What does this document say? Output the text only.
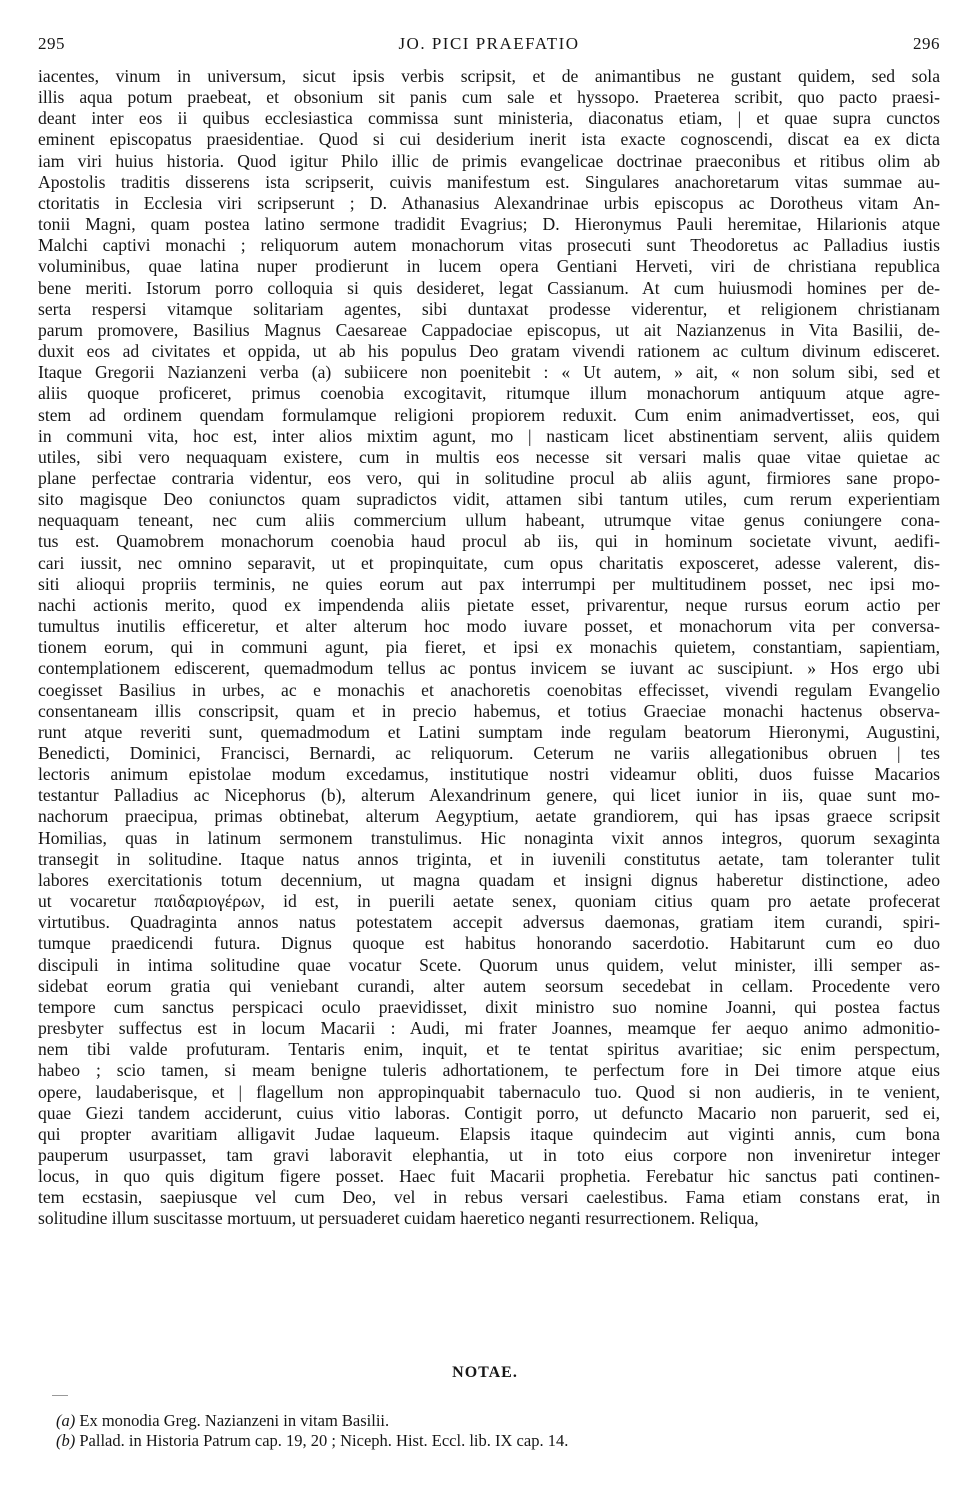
295	JO. PICI PRAEFATIO	296
iacentes, vinum in universum, sicut ipsis verbis scripsit, et de animantibus ne gustant quidem, sed sola
illis aqua potum praebeat, et obsonium sit panis cum sale et hyssopo. Praeterea scribit, quo pacto praesi-
deant inter eos ii quibus ecclesiastica commissa sunt ministeria, diaconatus etiam, | et quae supra cunctos
eminent episcopatus praesidentiae. Quod si cui desiderium inerit ista exacte cognoscendi, discat ea ex dicta
iam viri huius historia. Quod igitur Philo illic de primis evangelicae doctrinae praeconibus et ritibus olim ab
Apostolis traditis disserens ista scripserit, cuivis manifestum est. Singulares anachoretarum vitas summae au-
ctoritatis in Ecclesia viri scripserunt ; D. Athanasius Alexandrinae urbis episcopus ac Dorotheus vitam An-
tonii Magni, quam postea latino sermone tradidit Evagrius; D. Hieronymus Pauli heremitae, Hilarionis atque
Malchi captivi monachi ; reliquorum autem monachorum vitas prosecuti sunt Theodoretus ac Palladius iustis
voluminibus, quae latina nuper prodierunt in lucem opera Gentiani Herveti, viri de christiana republica
bene meriti. Istorum porro colloquia si quis desideret, legat Cassianum. At cum huiusmodi homines per de-
serta respersi vitamque solitariam agentes, sibi duntaxat prodesse viderentur, et religionem christianam
parum promovere, Basilius Magnus Caesareae Cappadociae episcopus, ut ait Nazianzenus in Vita Basilii, de-
duxit eos ad civitates et oppida, ut ab his populus Deo gratam vivendi rationem ac cultum divinum edisceret.
Itaque Gregorii Nazianzeni verba (a) subiicere non poenitebit : « Ut autem, » ait, « non solum sibi, sed et
aliis quoque proficeret, primus coenobia excogitavit, ritumque illum monachorum antiquum atque agre-
stem ad ordinem quendam formulamque religioni propiorem reduxit. Cum enim animadvertisset, eos, qui
in communi vita, hoc est, inter alios mixtim agunt, mo | nasticam licet abstinentiam servent, aliis quidem
utiles, sibi vero nequaquam existere, cum in multis eos necesse sit versari malis quae vitae quietae ac
plane perfectae contraria videntur, eos vero, qui in solitudine procul ab aliis agunt, firmiores sane propo-
sito magisque Deo coniunctos quam supradictos vidit, attamen sibi tantum utiles, cum rerum experientiam
nequaquam teneant, nec cum aliis commercium ullum habeant, utrumque vitae genus coniungere cona-
tus est. Quamobrem monachorum coenobia haud procul ab iis, qui in hominum societate vivunt, aedifi-
cari iussit, nec omnino separavit, ut et propinquitate, cum opus charitatis exposceret, adesse valerent, dis-
siti alioqui propriis terminis, ne quies eorum aut pax interrumpi per multitudinem posset, nec ipsi mo-
nachi actionis merito, quod ex impendenda aliis pietate esset, privarentur, neque rursus eorum actio per
tumultus inutilis efficeretur, et alter alterum hoc modo iuvare posset, et monachorum vita per conversa-
tionem eorum, qui in communi agunt, pia fieret, et ipsi ex monachis quietem, constantiam, sapientiam,
contemplationem ediscerent, quemadmodum tellus ac pontus invicem se iuvant ac suscipiunt. » Hos ergo ubi
coegisset Basilius in urbes, ac e monachis et anachoretis coenobitas effecisset, vivendi regulam Evangelio
consentaneam illis conscripsit, quam et in precio habemus, et totius Graeciae monachi hactenus observa-
runt atque reveriti sunt, quemadmodum et Latini sumptam inde regulam beatorum Hieronymi, Augustini,
Benedicti, Dominici, Francisci, Bernardi, ac reliquorum. Ceterum ne variis allegationibus obruen | tes
lectoris animum epistolae modum excedamus, institutique nostri videamur obliti, duos fuisse Macarios
testantur Palladius ac Nicephorus (b), alterum Alexandrinum genere, qui licet iunior in iis, quae sunt mo-
nachorum praecipua, primas obtinebat, alterum Aegyptium, aetate grandiorem, qui has ipsas graece scripsit
Homilias, quas in latinum sermonem transtulimus. Hic nonaginta vixit annos integros, quorum sexaginta
transegit in solitudine. Itaque natus annos triginta, et in iuvenili constitutus aetate, tam toleranter tulit
labores exercitationis totum decennium, ut magna quadam et insigni dignus haberetur distinctione, adeo
ut vocaretur παιδαριογέρων, id est, in puerili aetate senex, quoniam citius quam pro aetate profecerat
virtutibus. Quadraginta annos natus potestatem accepit adversus daemonas, gratiam item curandi, spiri-
tumque praedicendi futura. Dignus quoque est habitus honorando sacerdotio. Habitarunt cum eo duo
discipuli in intima solitudine quae vocatur Scete. Quorum unus quidem, velut minister, illi semper as-
sidebat eorum gratia qui veniebant curandi, alter autem seorsum secedebat in cellam. Procedente vero
tempore cum sanctus perspicaci oculo praevidisset, dixit ministro suo nomine Joanni, qui postea factus
presbyter suffectus est in locum Macarii : Audi, mi frater Joannes, meamque fer aequo animo admonitio-
nem tibi valde profuturam. Tentaris enim, inquit, et te tentat spiritus avaritiae; sic enim perspectum,
habeo ; scio tamen, si meam benigne tuleris adhortationem, te perfectum fore in Dei timore atque eius
opere, laudaberisque, et | flagellum non appropinquabit tabernaculo tuo. Quod si non audieris, in te venient,
quae Giezi tandem acciderunt, cuius vitio laboras. Contigit porro, ut defuncto Macario non paruerit, sed ei,
qui propter avaritiam alligavit Judae laqueum. Elapsis itaque quindecim aut viginti annis, cum bona
pauperum usurpasset, tam gravi laboravit elephantia, ut in toto eius corpore non inveniretur integer
locus, in quo quis digitum figere posset. Haec fuit Macarii prophetia. Ferebatur hic sanctus pati continen-
tem ecstasin, saepiusque vel cum Deo, vel in rebus versari caelestibus. Fama etiam constans erat, in
solitudine illum suscitasse mortuum, ut persuaderet cuidam haeretico neganti resurrectionem. Reliqua,
NOTAE.
(a) Ex monodia Greg. Nazianzeni in vitam Basilii.
(b) Pallad. in Historia Patrum cap. 19, 20 ; Niceph. Hist. Eccl. lib. IX cap. 14.
